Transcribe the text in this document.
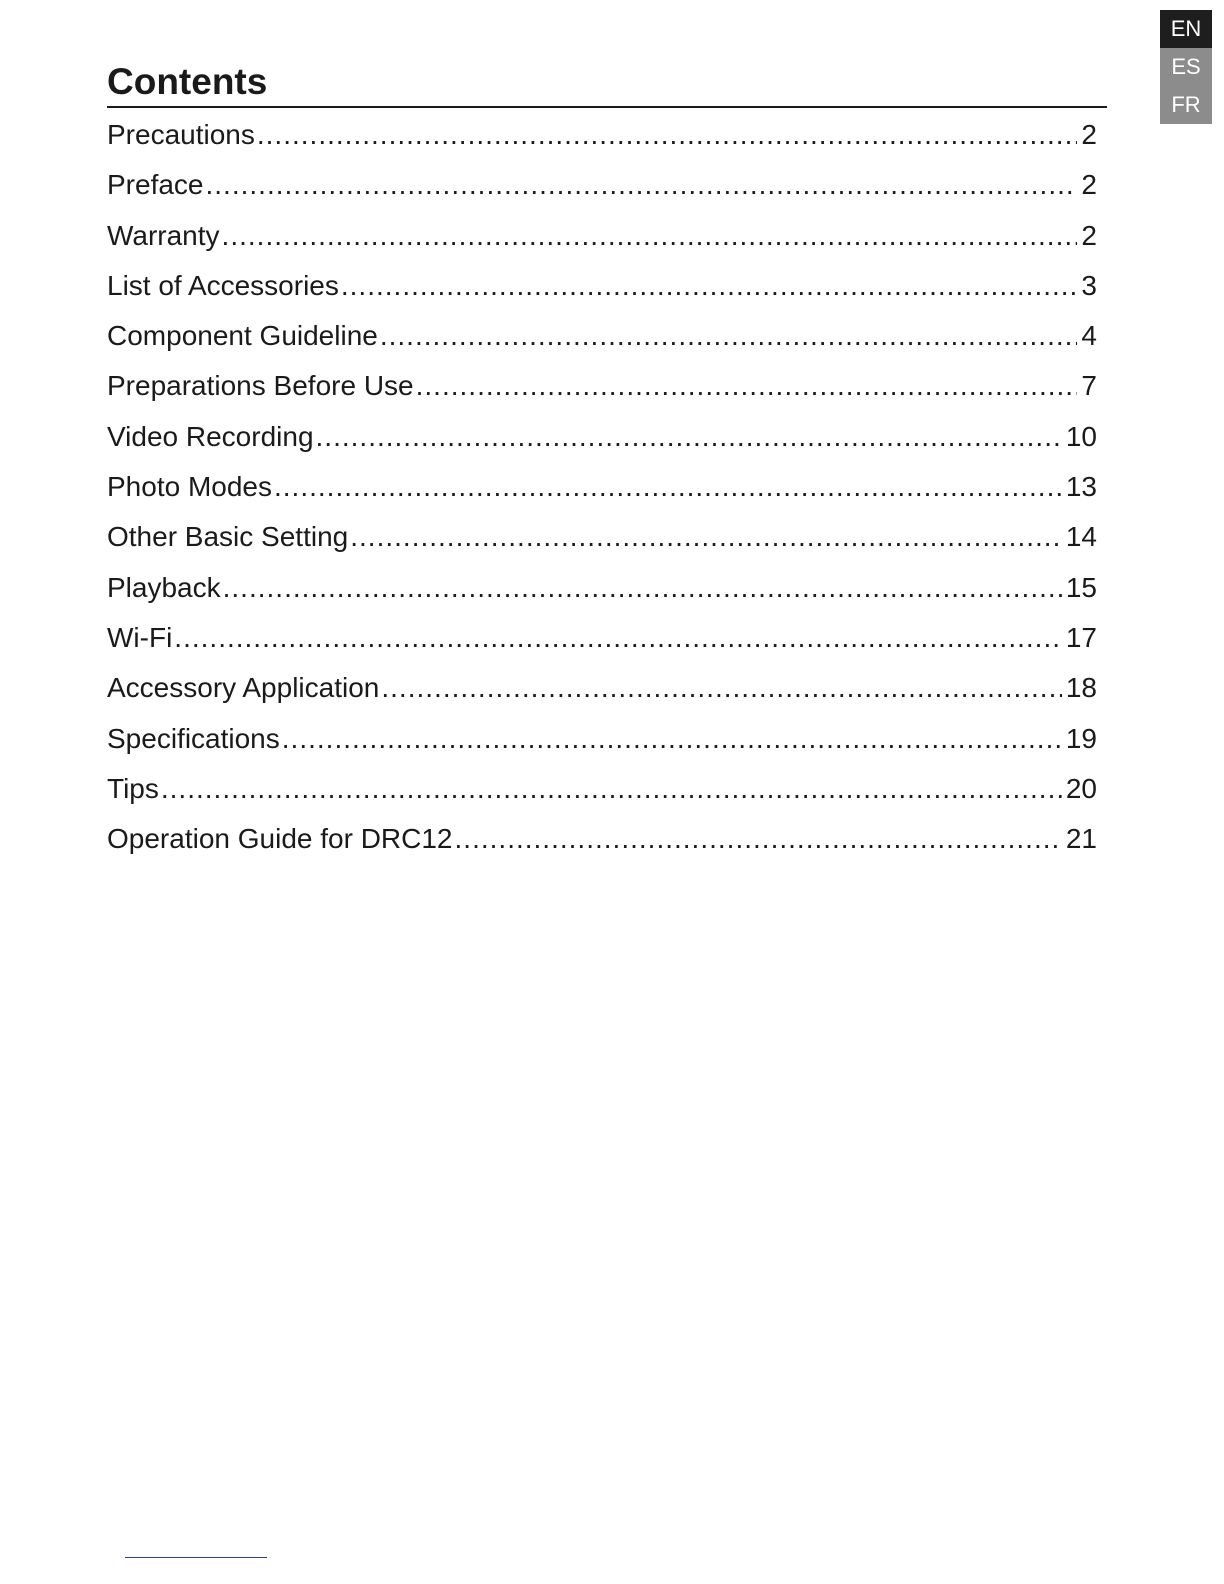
EN
ES
FR
Contents
Precautions .....	2
Preface .....	2
Warranty .....	2
List of Accessories .....	3
Component Guideline .....	4
Preparations Before Use .....	7
Video Recording .....	10
Photo Modes .....	13
Other Basic Setting .....	14
Playback .....	15
Wi-Fi .....	17
Accessory Application .....	18
Specifications .....	19
Tips .....	20
Operation Guide for DRC12 .....	21
